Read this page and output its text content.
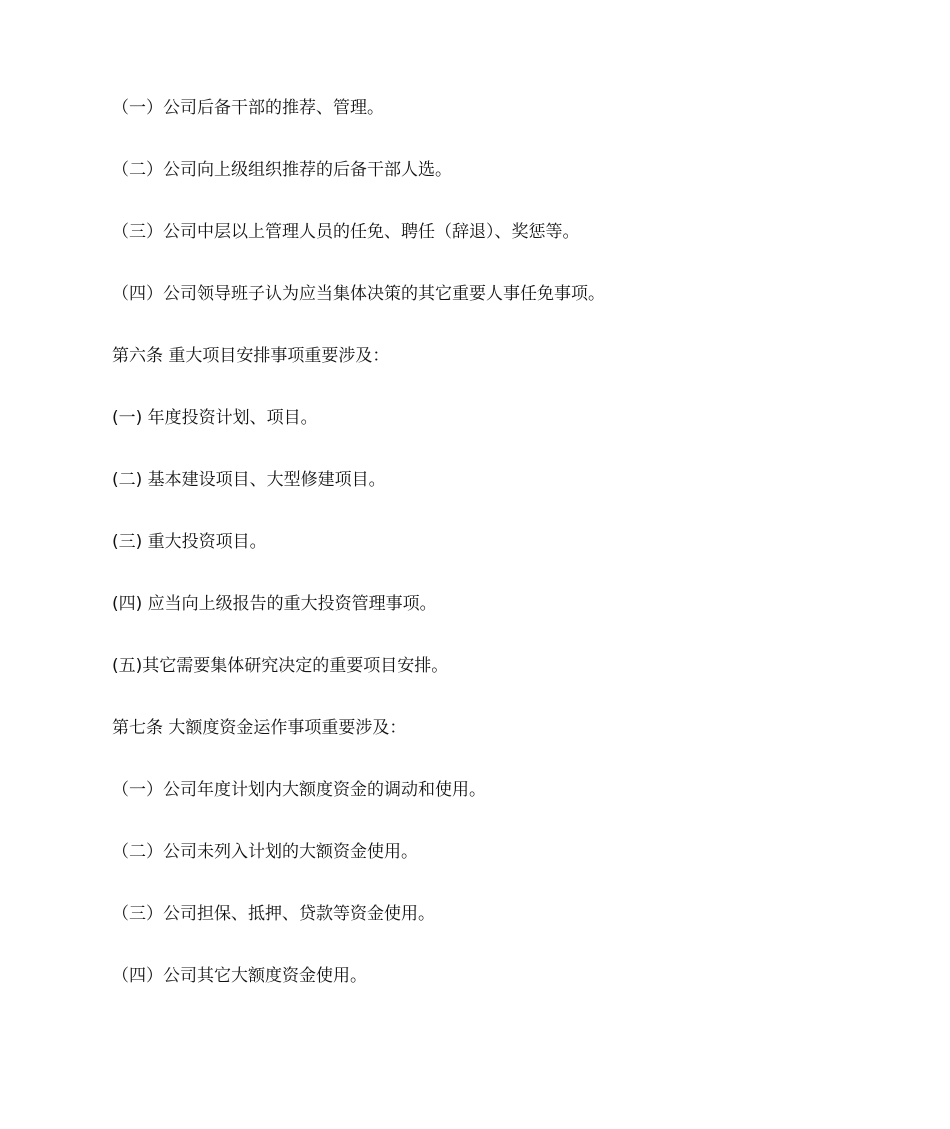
（一）公司后备干部的推荐、管理。
（二）公司向上级组织推荐的后备干部人选。
（三）公司中层以上管理人员的任免、聘任（辞退）、奖惩等。
（四）公司领导班子认为应当集体决策的其它重要人事任免事项。
第六条 重大项目安排事项重要涉及：
(一) 年度投资计划、项目。
(二) 基本建设项目、大型修建项目。
(三) 重大投资项目。
(四) 应当向上级报告的重大投资管理事项。
(五)其它需要集体研究决定的重要项目安排。
第七条 大额度资金运作事项重要涉及：
（一）公司年度计划内大额度资金的调动和使用。
（二）公司未列入计划的大额资金使用。
（三）公司担保、抵押、贷款等资金使用。
（四）公司其它大额度资金使用。
